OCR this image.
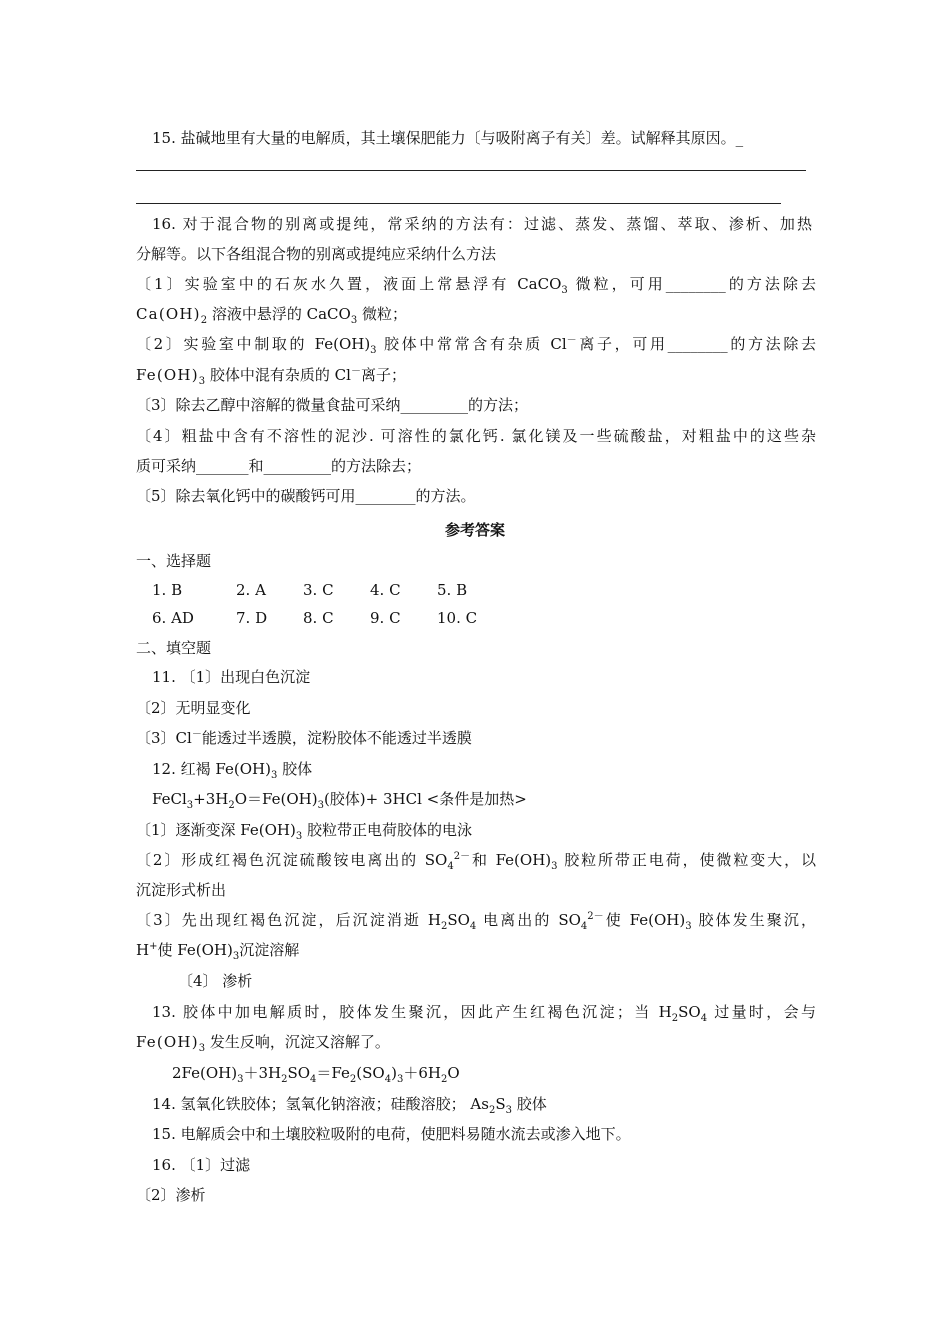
15. 盐碱地里有大量的电解质，其土壤保肥能力〔与吸附离子有关〕差。试解释其原因。_
16. 对于混合物的别离或提纯，常采纳的方法有：过滤、蒸发、蒸馏、萃取、渗析、加热
分解等。以下各组混合物的别离或提纯应采纳什么方法
〔1〕实验室中的石灰水久置，液面上常悬浮有 CaCO$_3$ 微粒，可用________的方法除去
$Ca(OH)_2$ 溶液中悬浮的 CaCO$_3$ 微粒；
〔2〕实验室中制取的 $Fe(OH)_3$ 胶体中常常含有杂质 Cl－离子，可用________的方法除去
$Fe(OH)_3$ 胶体中混有杂质的 Cl－离子；
〔3〕除去乙醇中溶解的微量食盐可采纳_________的方法；
〔4〕粗盐中含有不溶性的泥沙. 可溶性的氯化钙. 氯化镁及一些硫酸盐，对粗盐中的这些杂
质可采纳_______和_________的方法除去；
〔5〕除去氧化钙中的碳酸钙可用________的方法。
参考答案
一、选择题
1. B	2. A 3. C 4. C 5. B
6. AD	7. D 8. C 9. C 10. C
二、填空题
11. 〔1〕出现白色沉淀
〔2〕无明显变化
〔3〕Cl－能透过半透膜，淀粉胶体不能透过半透膜
12. 红褐 $Fe(OH)_3$ 胶体
$FeCl_3+3H_2O=Fe(OH)_3$(胶体)+ 3HCl <条件是加热>
〔1〕逐渐变深 $Fe(OH)_3$ 胶粒带正电荷胶体的电泳
〔2〕形成红褐色沉淀硫酸铵电离出的 $SO_4^{2-}$和 $Fe(OH)_3$ 胶粒所带正电荷，使微粒变大，以
沉淀形式析出
〔3〕先出现红褐色沉淀，后沉淀消逝 $H_2SO_4$ 电离出的 $SO_4^{2-}$使 $Fe(OH)_3$ 胶体发生聚沉，
H+使 $Fe(OH)_3$沉淀溶解
〔4〕 渗析
13. 胶体中加电解质时，胶体发生聚沉，因此产生红褐色沉淀；当 $H_2SO_4$ 过量时，会与
$Fe(OH)_3$ 发生反响，沉淀又溶解了。
$2Fe(OH)_3+3H_2SO_4=Fe_2(SO_4)_3+6H_2O$
14. 氢氧化铁胶体；氢氧化钠溶液；硅酸溶胶； $As_2S_3$ 胶体
15. 电解质会中和土壤胶粒吸附的电荷，使肥料易随水流去或渗入地下。
16. 〔1〕过滤
〔2〕渗析
